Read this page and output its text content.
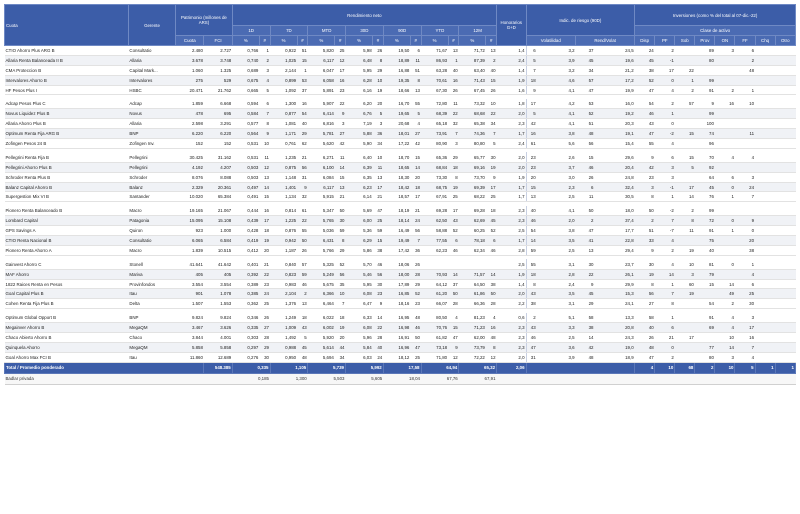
Cuota	Gerente	Patrimonio (millones de ARS)		Rendimiento neto														Honorarios G+D	Indic. de riesgo (90D)				Inversiones (como % del total al 07-dic.-22)							
				1D		7D		MTD		30D		90D		YTD		12M							Clase de activo							
		Cuota	FCI	%	#	%	#	%	#	%	#	%	#	%	#	%	#		Volatilidad		Rend/Volat		Disp	PF	Sob	Prov	ON	FF	Chq	Otro
CTIO Ahorro Plus ARG B	Consultatio	2.480	2.727	0,766	1	0,922	51	5,820	25	5,98	26	19,50	6	71,67	13	71,72	13	1,4	6	3,2	37	24,5	24	2		89	3	6		
Allaria Renta Balanceada II B	Allaria	3.678	3.748	0,740	2	1,025	15	6,117	12	6,48	8	18,89	11	86,93	1	87,39	2	2,4	5	3,9	45	19,6	45	-1		80		2		
CMA Proteccion B	Capital Mark...	1.060	1.325	0,689	3	2,144	1	6,047	17	5,95	29	16,88	51	63,28	40	63,40	40	1,4	7	3,2	34	21,2	38	17	22			48		
Intervalores Ahorro B	Intervalores	275	529	0,675	4	0,899	53	6,058	16	6,28	10	19,35	8	70,61	16	71,43	15	1,9	18	4,6	57	17,2	52	0	1	99				
HF Pesos Plus I	HSBC	20.471	21.762	0,665	5	1,092	37	5,891	23	6,16	19	18,66	13	67,30	26	67,45	26	1,6	9	4,1	47	19,9	47	4	2	91	2	1		

Adcap Pesos Plus C	Adcap	1.859	6.668	0,594	6	1,300	16	5,907	22	6,20	20	16,70	55	72,80	11	73,32	10	1,8	17	4,2	53	16,0	54	2	57	9	16	10		
Novus Liquidez Plus B	Novus	478	695	0,584	7	0,877	54	6,414	9	6,76	5	19,65	5	68,39	22	68,68	22	2,0	5	4,1	52	19,2	46	1		99				
Allaria Ahorro Plus B	Allaria	2.598	3.291	0,577	8	1,081	40	6,816	3	7,19	3	20,68	4	65,18	32	65,38	34	2,3	42	4,1	51	20,3	43	0		100				
Optimum Renta Fija ARG B	BNP	6.220	6.220	0,564	9	1,171	29	5,781	27	5,88	36	18,01	27	73,91	7	74,36	7	1,7	16	3,8	48	19,1	47	-2	15	74		11		
Zofingen Pesos 24 B	Zofingen Inv.	152	152	0,531	10	0,761	62	5,620	42	5,90	34	17,22	42	80,90	3	80,80	5	2,4	61	5,6	56	15,4	55	4		96				

Pellegrini Renta Fija B	Pellegrini	30.425	31.162	0,531	11	1,235	21	6,271	11	6,40	10	18,70	15	65,36	29	65,77	30	2,0	23	2,6	15	29,6	9	6	15	70	4	4		
Pellegrini Ahorro Plus B	Pellegrini	4.192	4.207	0,503	12	0,875	56	6,100	14	6,39	11	18,65	14	68,84	18	69,16	19	2,0	23	3,7	46	20,4	42	3	5	92				
Schroder Renta Plus B	Schroder	8.076	8.088	0,503	13	1,148	31	6,084	15	6,35	13	18,30	20	73,30	8	73,70	9	1,9	20	3,0	26	24,8	23	3		64	6	3		
Balanz Capital Ahorro B	Balanz	2.329	20.361	0,497	14	1,401	9	6,117	13	6,23	17	18,42	18	68,75	19	69,39	17	1,7	15	2,3	6	32,4	3	-1	17	45	0	24		
Supergestion Mix VI B	Santander	10.020	65.384	0,491	15	1,134	32	5,915	21	6,14	21	18,57	17	67,91	25	68,22	25	1,7	13	2,5	11	30,5	8	1	14	76	1	7		

Pionero Renta Balanceado B	Macro	19.165	21.067	0,444	16	0,814	61	5,347	50	5,69	47	18,19	21	69,28	17	69,28	18	2,3	40	4,1	50	18,0	50	-2	2	99				
Lombard Capital	Patagonia	15.095	15.108	0,439	17	1,225	22	5,765	30	6,00	25	18,14	24	62,50	43	62,69	45	2,3	46	2,0	2	37,4	2	7	8	72	0	9		
GPS Savings A	Quiron	923	1.000	0,428	18	0,876	55	5,036	59	5,36	59	16,49	56	58,88	52	60,25	52	2,5	54	3,8	47	17,7	51	-7	11	91	1	0		
CTIO Renta Nacional B	Consultatio	6.065	6.584	0,419	19	0,942	50	6,431	8	6,29	15	19,49	7	77,55	6	78,18	6	1,7	14	3,5	41	22,8	33	4		75		20		
Pionero Renta Ahorro A	Macro	1.839	10.515	0,412	20	1,187	26	5,766	29	5,86	38	17,42	36	62,23	46	62,34	46	2,8	59	2,5	13	29,4	9	2	19	40		38		

Gainvest Ahorro C	Stonell	41.641	41.642	0,401	21	0,840	57	5,325	52	5,70	46	18,06	26					2,5	55	3,1	30	23,7	30	4	10	81	0	1		
MAF Ahorro	Mariva	405	405	0,392	22	0,823	59	5,249	56	5,46	56	18,00	28	70,93	14	71,57	14	1,9	18	2,8	22	26,1	19	14	3	79		4		
1822 Raices Renta en Pesos	Provinfondos	3.554	3.554	0,389	23	0,983	46	5,675	35	5,95	30	17,89	29	64,12	37	64,50	38	1,4	8	2,4	9	29,9	8	1	60	15	14	6		
Goal Capital Plus B	Itau	901	1.078	0,385	24	2,104	2	6,366	10	6,08	23	16,85	52	61,20	50	61,86	50	2,0	43	3,5	45	15,3	56	7	19		49	25		
Cohen Renta Fija Plus B	Delta	1.507	1.553	0,362	25	1,376	13	6,464	7	6,47	9	18,16	23	66,07	28	66,36	28	2,2	38	3,1	29	24,1	27	8		54	2	30		

Optimum Global Opport B	BNP	9.824	9.824	0,346	26	1,249	18	6,022	18	6,33	14	16,95	48	80,50	4	81,23	4	0,6	2	5,1	58	13,3	58	1		91	4	3		
Megainver Ahorro B	MegaQM	3.467	3.626	0,335	27	1,009	43	6,002	19	6,08	22	16,98	46	70,76	15	71,23	16	2,3	43	3,3	38	20,8	40	6		69	4	17		
Chaco Abierto Ahorro B	Chaco	3.844	4.001	0,303	28	1,492	5	5,920	20	5,96	28	16,91	50	61,82	47	62,00	48	2,3	46	2,5	14	24,3	26	21	17		10	16		
Quinquela Ahorro	MegaQM	5.858	5.858	0,297	29	0,988	45	5,614	44	5,84	40	16,96	47	73,18	9	73,79	8	2,3	47	3,6	42	19,0	48	0		77	14	7		
Goal Ahorro Max FCI B	Itau	11.860	12.689	0,276	30	0,950	48	5,694	34	6,03	24	18,12	25	71,80	12	72,22	12	2,0	31	3,9	48	18,9	47	2		80	3	4		
Total / Promedio ponderado			548.385	0,335		1,105		5,739		5,992		17,58		64,94		65,32		2,06					4	10	68	2	10	5	1	1
Badlar privada				0,185		1,300		5,503		5,605		18,04		67,76		67,91														
